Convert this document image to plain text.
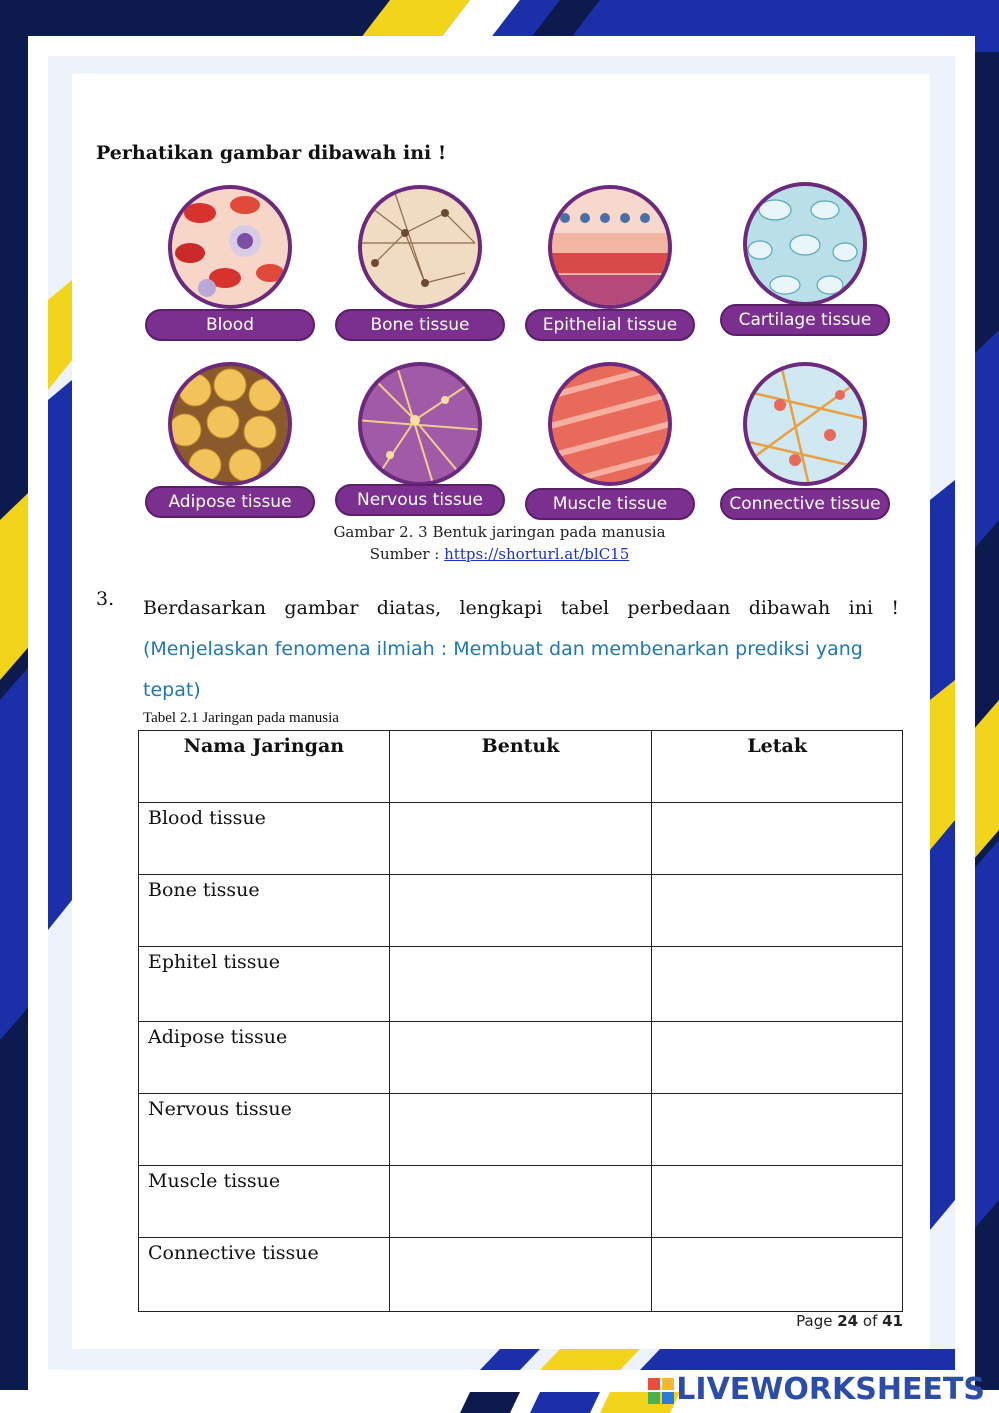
Perhatikan gambar dibawah ini !
Blood	Bone tissue	Epithelial tissue	Cartilage tissue
Adipose tissue	Nervous tissue	Muscle tissue	Connective tissue
Gambar 2. 3 Bentuk jaringan pada manusia
Sumber : https://shorturl.at/blC15
3. Berdasarkan gambar diatas, lengkapi tabel perbedaan dibawah ini !
(Menjelaskan fenomena ilmiah : Membuat dan membenarkan prediksi yang tepat)
Tabel 2.1 Jaringan pada manusia
Nama Jaringan	Bentuk	Letak
Blood tissue		
Bone tissue		
Ephitel tissue		
Adipose tissue		
Nervous tissue		
Muscle tissue		
Connective tissue		
Page 24 of 41
LIVEWORKSHEETS
